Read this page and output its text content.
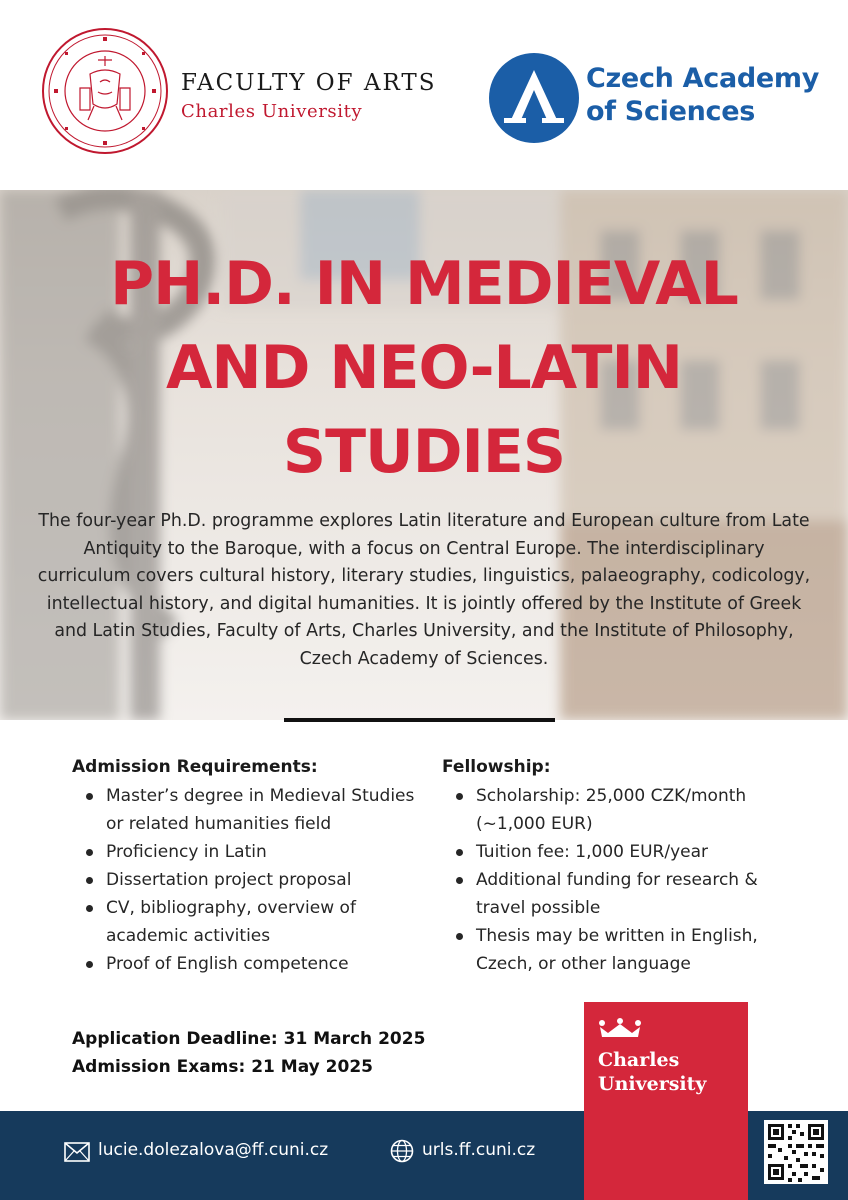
FACULTY OF ARTS
Charles University
Czech Academy
of Sciences
PH.D. IN MEDIEVAL
AND NEO-LATIN
STUDIES
The four-year Ph.D. programme explores Latin literature and European culture from Late Antiquity to the Baroque, with a focus on Central Europe. The interdisciplinary curriculum covers cultural history, literary studies, linguistics, palaeography, codicology, intellectual history, and digital humanities. It is jointly offered by the Institute of Greek and Latin Studies, Faculty of Arts, Charles University, and the Institute of Philosophy, Czech Academy of Sciences.
Admission Requirements:
Master’s degree in Medieval Studies or related humanities field
Proficiency in Latin
Dissertation project proposal
CV, bibliography, overview of academic activities
Proof of English competence
Fellowship:
Scholarship: 25,000 CZK/month (~1,000 EUR)
Tuition fee: 1,000 EUR/year
Additional funding for research & travel possible
Thesis may be written in English, Czech, or other language
Application Deadline: 31 March 2025
Admission Exams: 21 May 2025	Charles
University
lucie.dolezalova@ff.cuni.cz	urls.ff.cuni.cz
